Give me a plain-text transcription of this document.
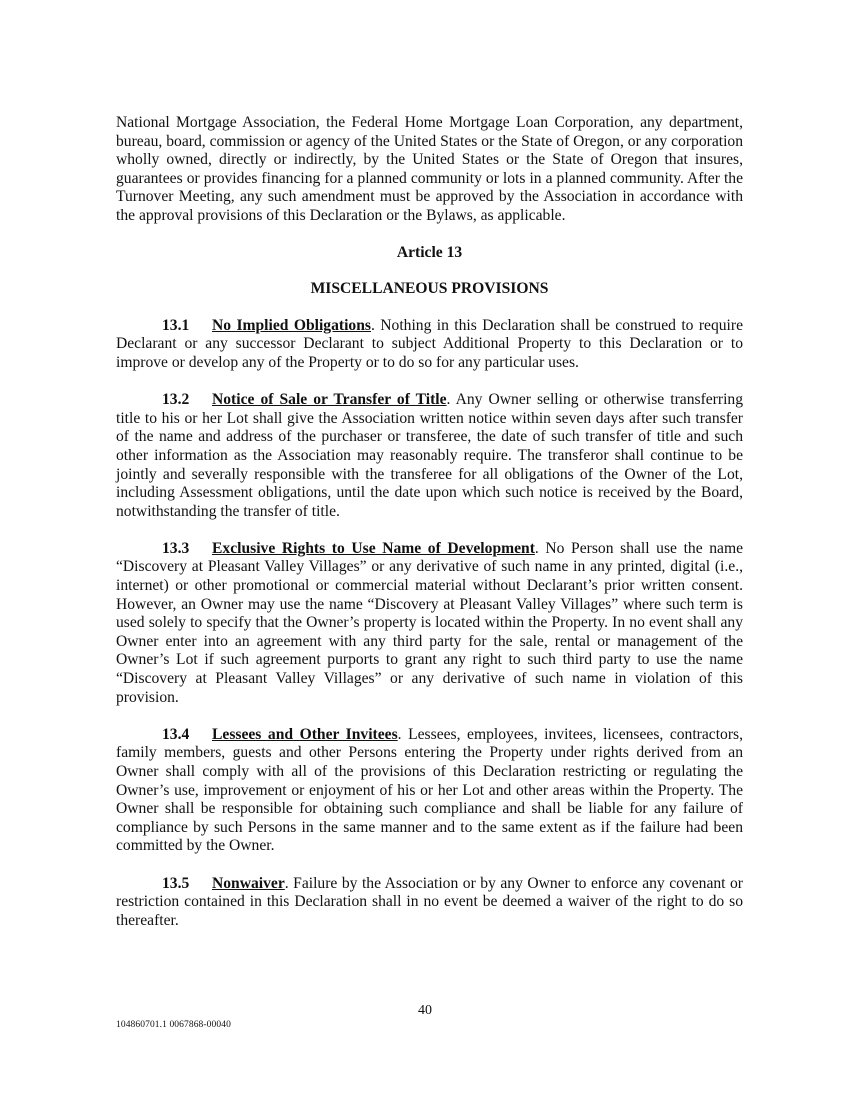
National Mortgage Association, the Federal Home Mortgage Loan Corporation, any department, bureau, board, commission or agency of the United States or the State of Oregon, or any corporation wholly owned, directly or indirectly, by the United States or the State of Oregon that insures, guarantees or provides financing for a planned community or lots in a planned community. After the Turnover Meeting, any such amendment must be approved by the Association in accordance with the approval provisions of this Declaration or the Bylaws, as applicable.

Article 13

MISCELLANEOUS PROVISIONS

13.1 No Implied Obligations. Nothing in this Declaration shall be construed to require Declarant or any successor Declarant to subject Additional Property to this Declaration or to improve or develop any of the Property or to do so for any particular uses.

13.2 Notice of Sale or Transfer of Title. Any Owner selling or otherwise transferring title to his or her Lot shall give the Association written notice within seven days after such transfer of the name and address of the purchaser or transferee, the date of such transfer of title and such other information as the Association may reasonably require. The transferor shall continue to be jointly and severally responsible with the transferee for all obligations of the Owner of the Lot, including Assessment obligations, until the date upon which such notice is received by the Board, notwithstanding the transfer of title.

13.3 Exclusive Rights to Use Name of Development. No Person shall use the name “Discovery at Pleasant Valley Villages” or any derivative of such name in any printed, digital (i.e., internet) or other promotional or commercial material without Declarant’s prior written consent. However, an Owner may use the name “Discovery at Pleasant Valley Villages” where such term is used solely to specify that the Owner’s property is located within the Property. In no event shall any Owner enter into an agreement with any third party for the sale, rental or management of the Owner’s Lot if such agreement purports to grant any right to such third party to use the name “Discovery at Pleasant Valley Villages” or any derivative of such name in violation of this provision.

13.4 Lessees and Other Invitees. Lessees, employees, invitees, licensees, contractors, family members, guests and other Persons entering the Property under rights derived from an Owner shall comply with all of the provisions of this Declaration restricting or regulating the Owner’s use, improvement or enjoyment of his or her Lot and other areas within the Property. The Owner shall be responsible for obtaining such compliance and shall be liable for any failure of compliance by such Persons in the same manner and to the same extent as if the failure had been committed by the Owner.

13.5 Nonwaiver. Failure by the Association or by any Owner to enforce any covenant or restriction contained in this Declaration shall in no event be deemed a waiver of the right to do so thereafter.

40
104860701.1 0067868-00040
